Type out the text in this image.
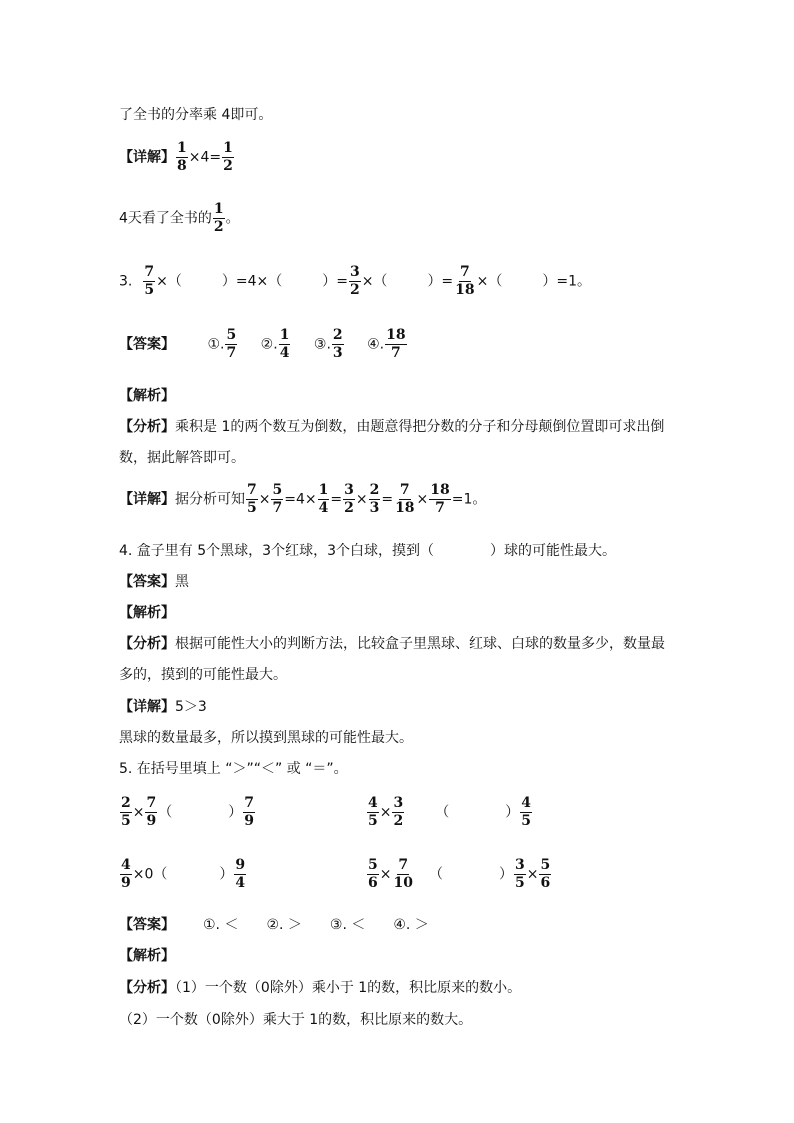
了全书的分率乘 4即可。
【详解】 $\frac{1}{8} \times 4= \frac{1}{2}$
4天看了全书的 $\frac{1}{2}$ 。
3. $\frac{7}{5}$ ×（	）=4×（	）= $\frac{3}{2}$ ×（	）= $\frac{7}{18}$ ×（	）=1。
【答案】 ①. $\frac{5}{7}$ ②. $\frac{1}{4}$ ③. $\frac{2}{3}$ ④. $\frac{18}{7}$
【解析】
【分析】乘积是 1的两个数互为倒数，由题意得把分数的分子和分母颠倒位置即可求出倒
数，据此解答即可。
【详解】据分析可知 $\frac{7}{5} \times \frac{5}{7} =4\times \frac{1}{4} = \frac{3}{2} \times \frac{2}{3} = \frac{7}{18} \times \frac{18}{7} =1$。
4. 盒子里有 5个黑球，3个红球，3个白球，摸到（　　　　）球的可能性最大。
【答案】黑
【解析】
【分析】根据可能性大小的判断方法，比较盒子里黑球、红球、白球的数量多少，数量最
多的，摸到的可能性最大。
【详解】5＞3
黑球的数量最多，所以摸到黑球的可能性最大。
5. 在括号里填上 “＞”“＜” 或 “＝”。
$\frac{2}{5} \times \frac{7}{9}$ （　　　　） $\frac{7}{9}$	$\frac{4}{5} \times \frac{3}{2}$ （　　　　） $\frac{4}{5}$
$\frac{4}{9} \times 0$（	） $\frac{9}{4}$	$\frac{5}{6} \times \frac{7}{10}$ （　　　　） $\frac{3}{5} \times \frac{5}{6}$
【答案】 ①. ＜　　②. ＞　　③. ＜　　④. ＞
【解析】
【分析】（1）一个数（0除外）乘小于 1的数，积比原来的数小。
（2）一个数（0除外）乘大于 1的数，积比原来的数大。
